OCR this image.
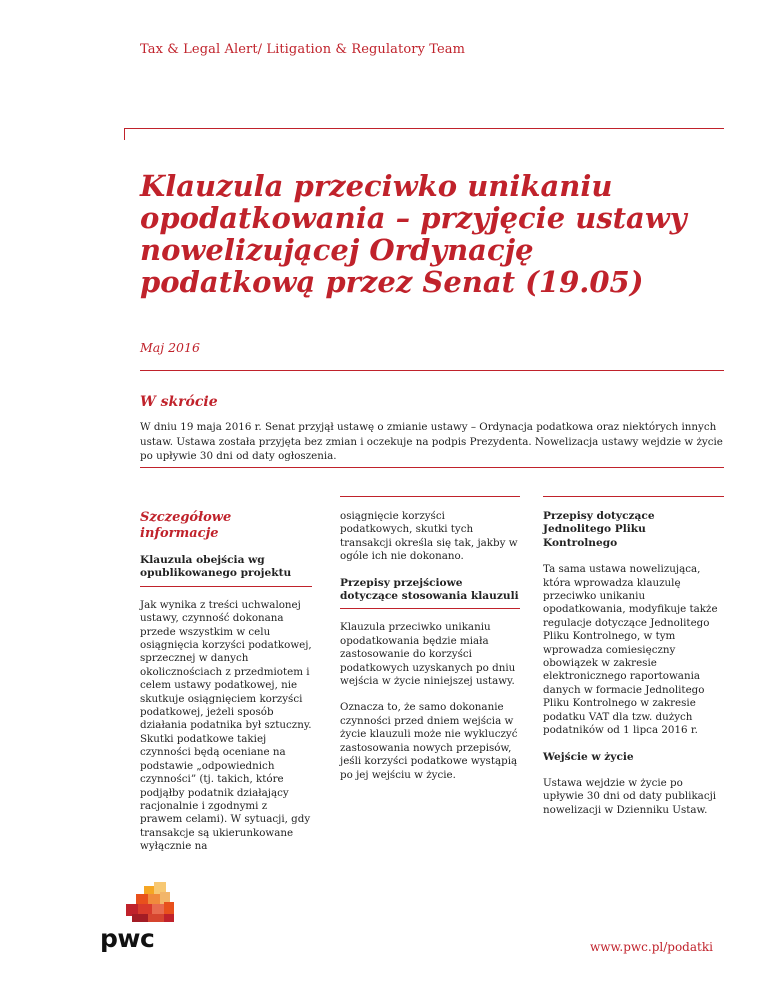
Tax & Legal Alert/ Litigation & Regulatory Team
Klauzula przeciwko unikaniu
opodatkowania – przyjęcie ustawy
nowelizującej Ordynację
podatkową przez Senat (19.05)
Maj 2016
W skrócie

W dniu 19 maja 2016 r. Senat przyjął ustawę o zmianie ustawy – Ordynacja podatkowa oraz niektórych innych ustaw. Ustawa została przyjęta bez zmian i oczekuje na podpis Prezydenta. Nowelizacja ustawy wejdzie w życie po upływie 30 dni od daty ogłoszenia.

Szczegółowe informacje
Klauzula obejścia wg opublikowanego projektu

Jak wynika z treści uchwalonej ustawy, czynność dokonana przede wszystkim w celu osiągnięcia korzyści podatkowej, sprzecznej w danych okolicznościach z przedmiotem i celem ustawy podatkowej, nie skutkuje osiągnięciem korzyści podatkowej, jeżeli sposób działania podatnika był sztuczny. Skutki podatkowe takiej czynności będą oceniane na podstawie „odpowiednich czynności” (tj. takich, które podjąłby podatnik działający racjonalnie i zgodnymi z prawem celami). W sytuacji, gdy transakcje są ukierunkowane wyłącznie na

osiągnięcie korzyści podatkowych, skutki tych transakcji określa się tak, jakby w ogóle ich nie dokonano.

Przepisy przejściowe dotyczące stosowania klauzuli

Klauzula przeciwko unikaniu opodatkowania będzie miała zastosowanie do korzyści podatkowych uzyskanych po dniu wejścia w życie niniejszej ustawy.

Oznacza to, że samo dokonanie czynności przed dniem wejścia w życie klauzuli może nie wykluczyć zastosowania nowych przepisów, jeśli korzyści podatkowe wystąpią po jej wejściu w życie.

Przepisy dotyczące Jednolitego Pliku Kontrolnego

Ta sama ustawa nowelizująca, która wprowadza klauzulę przeciwko unikaniu opodatkowania, modyfikuje także regulacje dotyczące Jednolitego Pliku Kontrolnego, w tym wprowadza comiesięczny obowiązek w zakresie elektronicznego raportowania danych w formacie Jednolitego Pliku Kontrolnego w zakresie podatku VAT dla tzw. dużych podatników od 1 lipca 2016 r.

Wejście w życie

Ustawa wejdzie w życie po upływie 30 dni od daty publikacji nowelizacji w Dzienniku Ustaw.

pwc	www.pwc.pl/podatki
